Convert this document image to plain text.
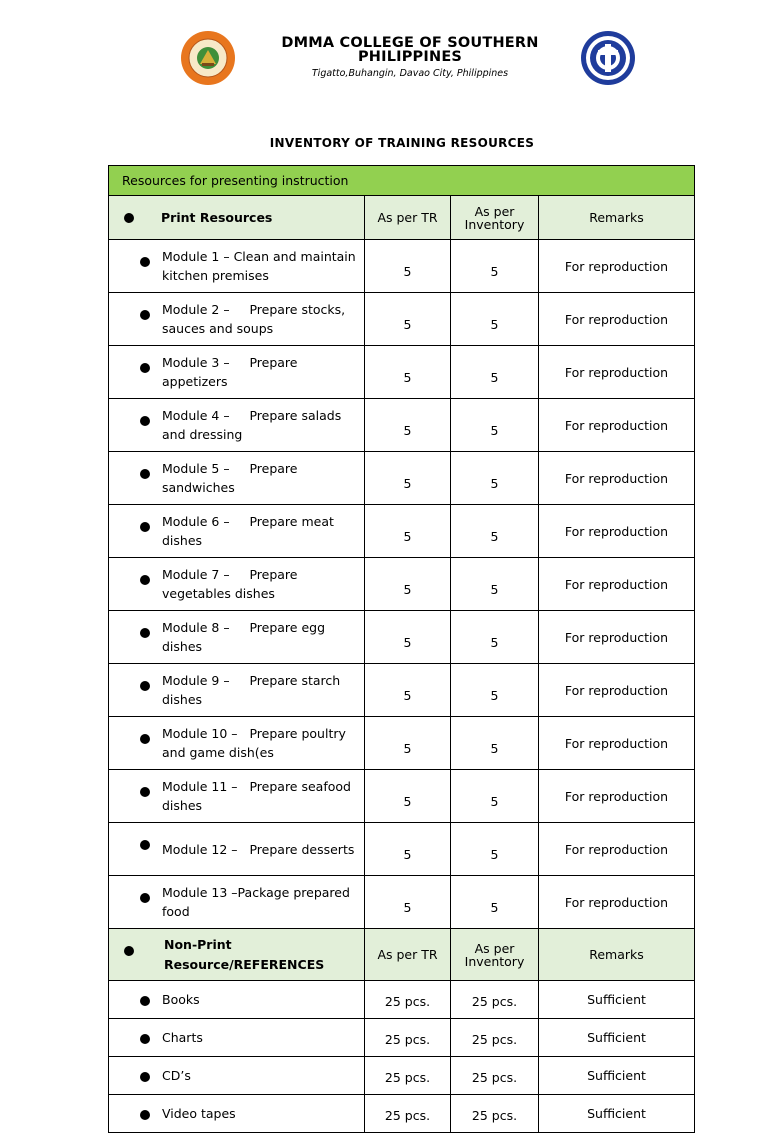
DMMA COLLEGE OF SOUTHERN PHILIPPINES
Tigatto,Buhangin, Davao City, Philippines
INVENTORY OF TRAINING RESOURCES
Resources for presenting instruction			

Print Resources	As per TR	As per Inventory	Remarks

Module 1 – Clean and maintain kitchen premises	5	5	For reproduction

Module 2 –     Prepare stocks, sauces and soups	5	5	For reproduction

Module 3 –     Prepare appetizers	5	5	For reproduction

Module 4 –     Prepare salads and dressing	5	5	For reproduction

Module 5 –     Prepare sandwiches	5	5	For reproduction

Module 6 –     Prepare meat dishes	5	5	For reproduction

Module 7 –     Prepare vegetables dishes	5	5	For reproduction

Module 8 –     Prepare egg dishes	5	5	For reproduction

Module 9 –     Prepare starch dishes	5	5	For reproduction

Module 10 –   Prepare poultry and game dish(es	5	5	For reproduction

Module 11 –   Prepare seafood dishes	5	5	For reproduction

Module 12 –   Prepare desserts	5	5	For reproduction

Module 13 –Package prepared food	5	5	For reproduction

Non-Print Resource/REFERENCES	As per TR	As per Inventory	Remarks

Books	25 pcs.	25 pcs.	Sufficient

Charts	25 pcs.	25 pcs.	Sufficient

CD’s	25 pcs.	25 pcs.	Sufficient

Video tapes	25 pcs.	25 pcs.	Sufficient
